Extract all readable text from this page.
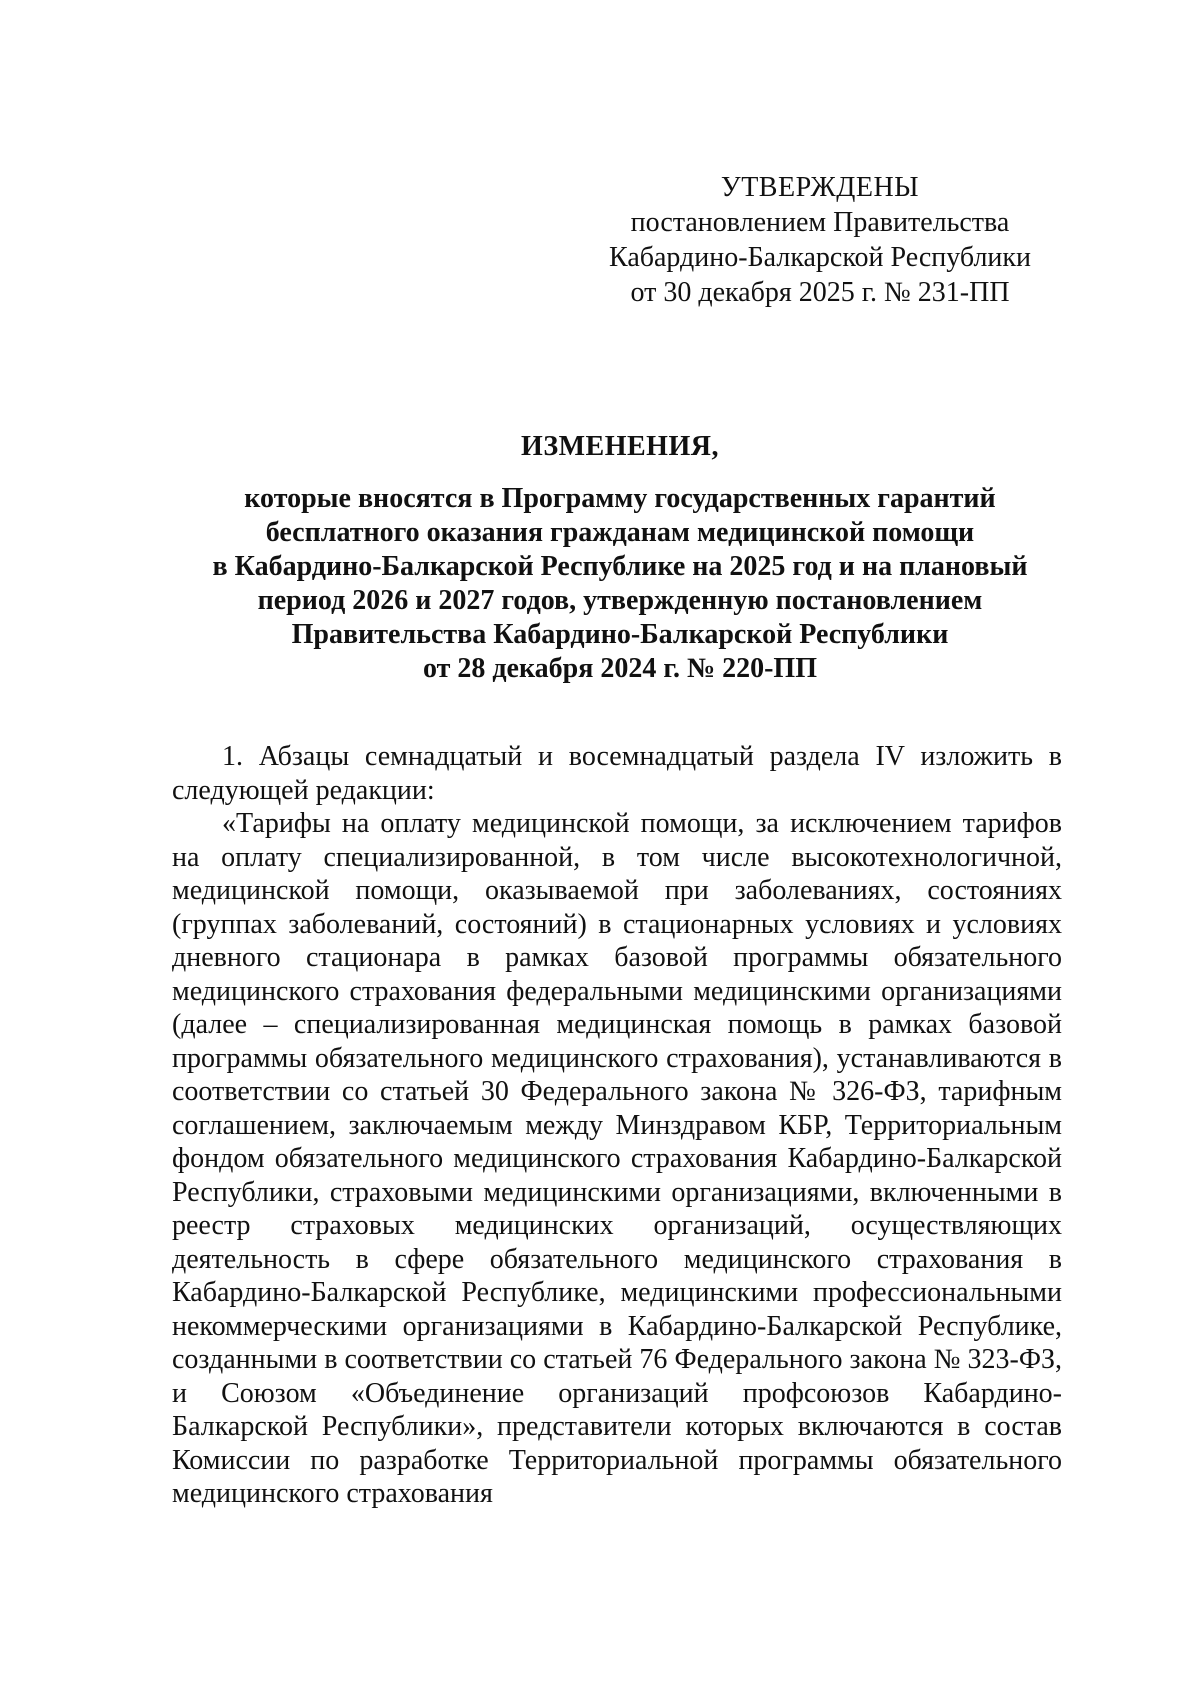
УТВЕРЖДЕНЫ
постановлением Правительства
Кабардино-Балкарской Республики
от 30 декабря 2025 г. № 231-ПП
ИЗМЕНЕНИЯ,
которые вносятся в Программу государственных гарантий
бесплатного оказания гражданам медицинской помощи
в Кабардино-Балкарской Республике на 2025 год и на плановый
период 2026 и 2027 годов, утвержденную постановлением
Правительства Кабардино-Балкарской Республики
от 28 декабря 2024 г. № 220-ПП

1. Абзацы семнадцатый и восемнадцатый раздела IV изложить в следующей редакции:

«Тарифы на оплату медицинской помощи, за исключением тарифов на оплату специализированной, в том числе высокотехнологичной, медицинской помощи, оказываемой при заболеваниях, состояниях (группах заболеваний, состояний) в стационарных условиях и условиях дневного стационара в рамках базовой программы обязательного медицинского страхования федеральными медицинскими организациями (далее – специализированная медицинская помощь в рамках базовой программы обязательного медицинского страхования), устанавливаются в соответствии со статьей 30 Федерального закона № 326-ФЗ, тарифным соглашением, заключаемым между Минздравом КБР, Территориальным фондом обязательного медицинского страхования Кабардино-Балкарской Республики, страховыми медицинскими организациями, включенными в реестр страховых медицинских организаций, осуществляющих деятельность в сфере обязательного медицинского страхования в Кабардино-Балкарской Республике, медицинскими профессиональными некоммерческими организациями в Кабардино-Балкарской Республике, созданными в соответствии со статьей 76 Федерального закона № 323-ФЗ, и Союзом «Объединение организаций профсоюзов Кабардино-Балкарской Республики», представители которых включаются в состав Комиссии по разработке Территориальной программы обязательного медицинского страхования
